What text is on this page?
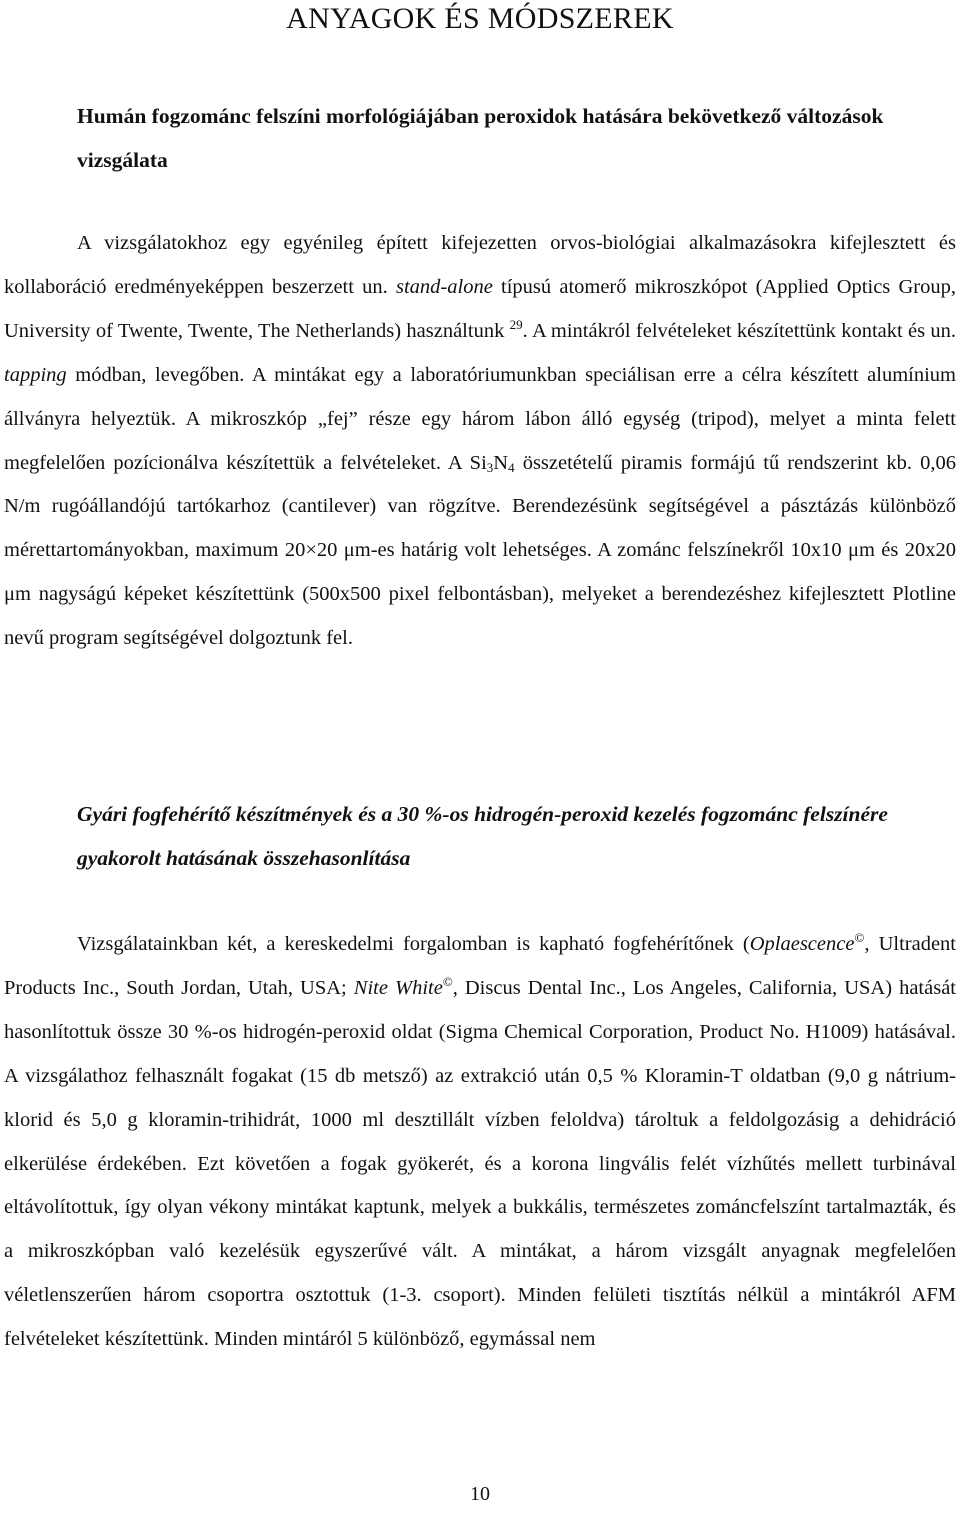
ANYAGOK ÉS MÓDSZEREK
Humán fogzománc felszíni morfológiájában peroxidok hatására bekövetkező változások vizsgálata

A vizsgálatokhoz egy egyénileg épített kifejezetten orvos-biológiai alkalmazásokra kifejlesztett és kollaboráció eredményeképpen beszerzett un. stand-alone típusú atomerő mikroszkópot (Applied Optics Group, University of Twente, Twente, The Netherlands) használtunk $^{29}$. A mintákról felvételeket készítettünk kontakt és un. tapping módban, levegőben. A mintákat egy a laboratóriumunkban speciálisan erre a célra készített alumínium állványra helyeztük. A mikroszkóp „fej” része egy három lábon álló egység (tripod), melyet a minta felett megfelelően pozícionálva készítettük a felvételeket. A $Si_3N_4$ összetételű piramis formájú tű rendszerint kb. 0,06 N/m rugóállandójú tartókarhoz (cantilever) van rögzítve. Berendezésünk segítségével a pásztázás különböző mérettartományokban, maximum 20×20 μm-es határig volt lehetséges. A zománc felszínekről 10x10 μm és 20x20 μm nagyságú képeket készítettünk (500x500 pixel felbontásban), melyeket a berendezéshez kifejlesztett Plotline nevű program segítségével dolgoztunk fel.

Gyári fogfehérítő készítmények és a 30 %-os hidrogén-peroxid kezelés fogzománc felszínére gyakorolt hatásának összehasonlítása

Vizsgálatainkban két, a kereskedelmi forgalomban is kapható fogfehérítőnek (Oplaescence©, Ultradent Products Inc., South Jordan, Utah, USA; Nite White©, Discus Dental Inc., Los Angeles, California, USA) hatását hasonlítottuk össze 30 %-os hidrogén-peroxid oldat (Sigma Chemical Corporation, Product No. H1009) hatásával. A vizsgálathoz felhasznált fogakat (15 db metsző) az extrakció után 0,5 % Kloramin-T oldatban (9,0 g nátrium-klorid és 5,0 g kloramin-trihidrát, 1000 ml desztillált vízben feloldva) tároltuk a feldolgozásig a dehidráció elkerülése érdekében. Ezt követően a fogak gyökerét, és a korona lingvális felét vízhűtés mellett turbinával eltávolítottuk, így olyan vékony mintákat kaptunk, melyek a bukkális, természetes zománcfelszínt tartalmazták, és a mikroszkópban való kezelésük egyszerűvé vált. A mintákat, a három vizsgált anyagnak megfelelően véletlenszerűen három csoportra osztottuk (1-3. csoport). Minden felületi tisztítás nélkül a mintákról AFM felvételeket készítettünk. Minden mintáról 5 különböző, egymással nem

10
